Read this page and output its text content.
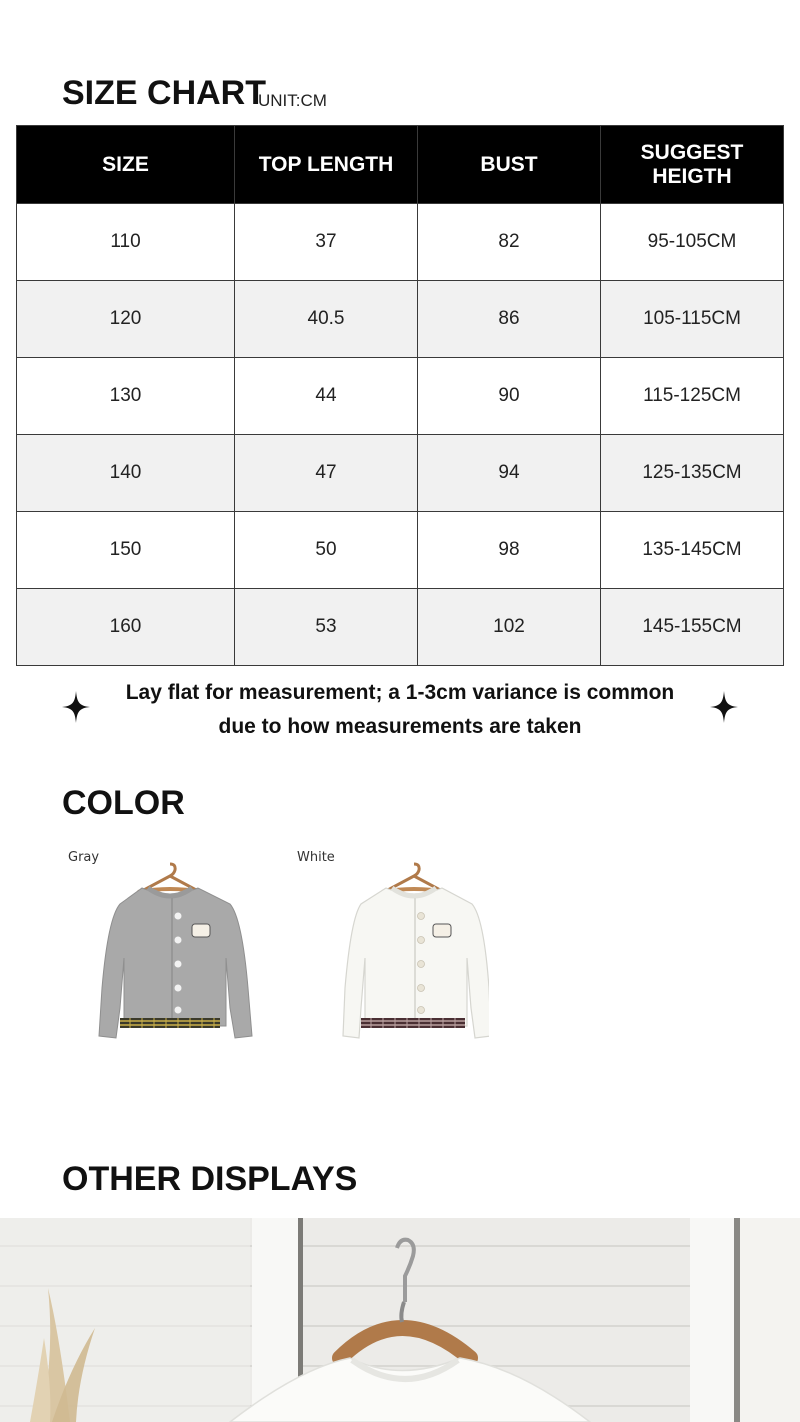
SIZE CHART
UNIT:CM
SIZE	TOP LENGTH	BUST	SUGGEST HEIGTH
110	37	82	95-105CM
120	40.5	86	105-115CM
130	44	90	115-125CM
140	47	94	125-135CM
150	50	98	135-145CM
160	53	102	145-155CM
Lay flat for measurement; a 1-3cm variance is common
due to how measurements are taken
COLOR
Gray	White
OTHER DISPLAYS
